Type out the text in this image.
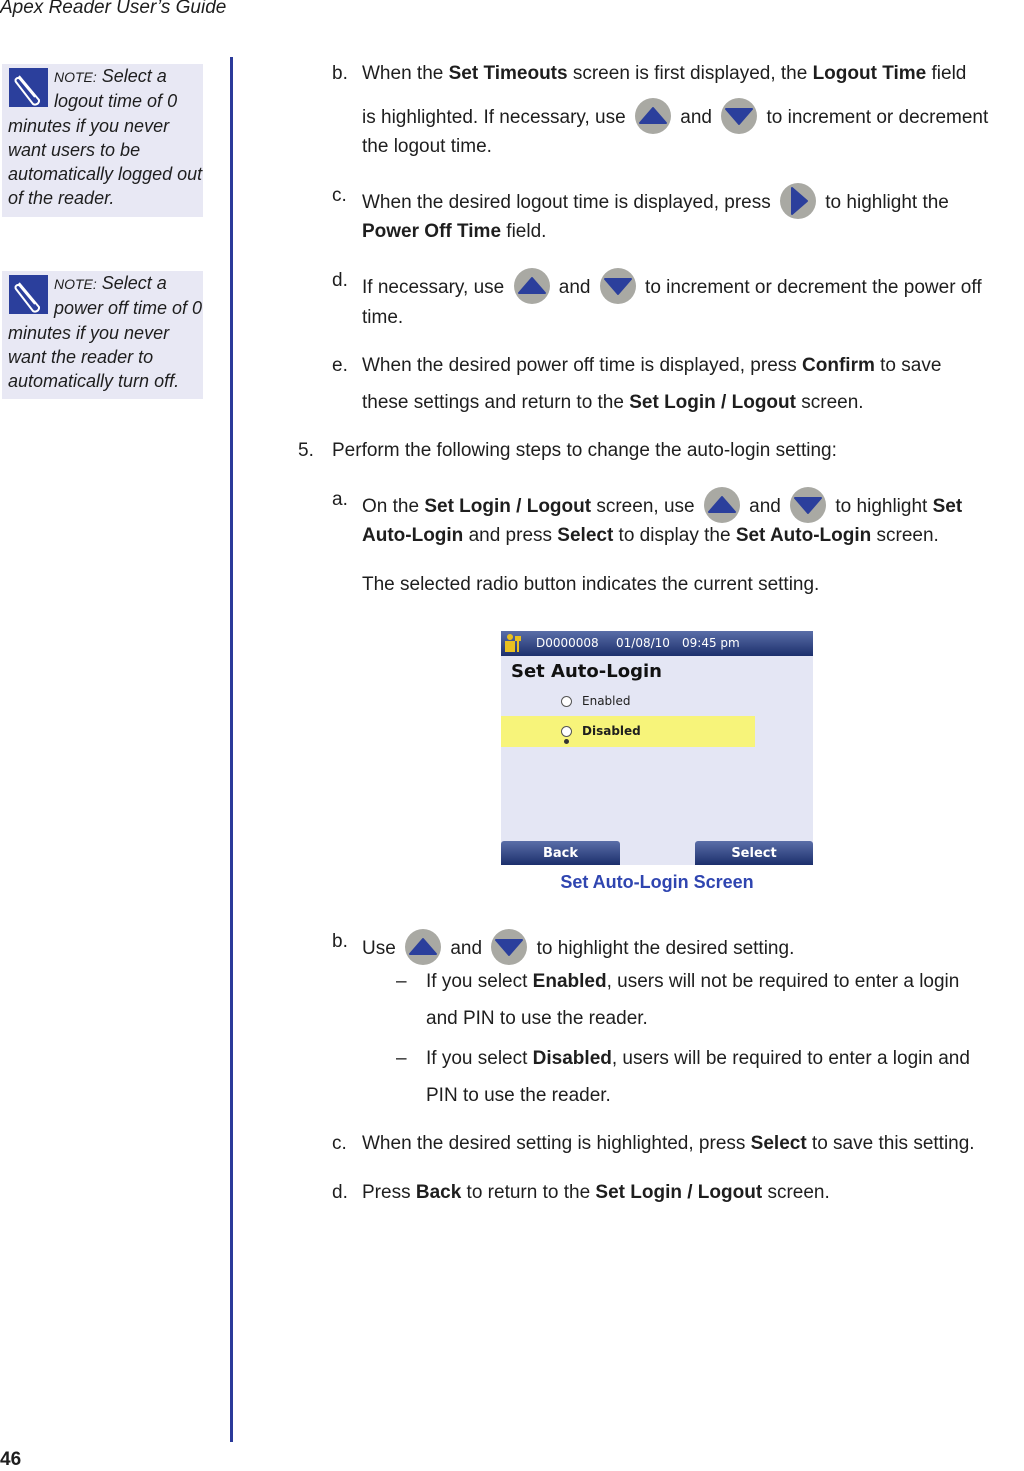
Apex Reader User’s Guide
NOTE: Select a logout time of 0 minutes if you never want users to be automatically logged out of the reader.
NOTE: Select a power off time of 0 minutes if you never want the reader to automatically turn off.
b. When the Set Timeouts screen is first displayed, the Logout Time field
is highlighted. If necessary, use
and	to increment or decrement
the logout time.
c. When the desired logout time is displayed, press	to highlight the
Power Off Time field.
d. If necessary, use
and	to increment or decrement the power off
time.
e. When the desired power off time is displayed, press Confirm to save
these settings and return to the Set Login / Logout screen.
5. Perform the following steps to change the auto-login setting:
a. On the Set Login / Logout screen, use
and	to highlight Set
Auto-Login and press Select to display the Set Auto-Login screen.
The selected radio button indicates the current setting.
D0000008 01/08/10 09:45 pm
Set Auto-Login
Enabled
Disabled
Back	Select
Set Auto-Login Screen
b. Use
and	to highlight the desired setting.
– If you select Enabled, users will not be required to enter a login
and PIN to use the reader.
– If you select Disabled, users will be required to enter a login and
PIN to use the reader.
c. When the desired setting is highlighted, press Select to save this setting.
d. Press Back to return to the Set Login / Logout screen.
46
